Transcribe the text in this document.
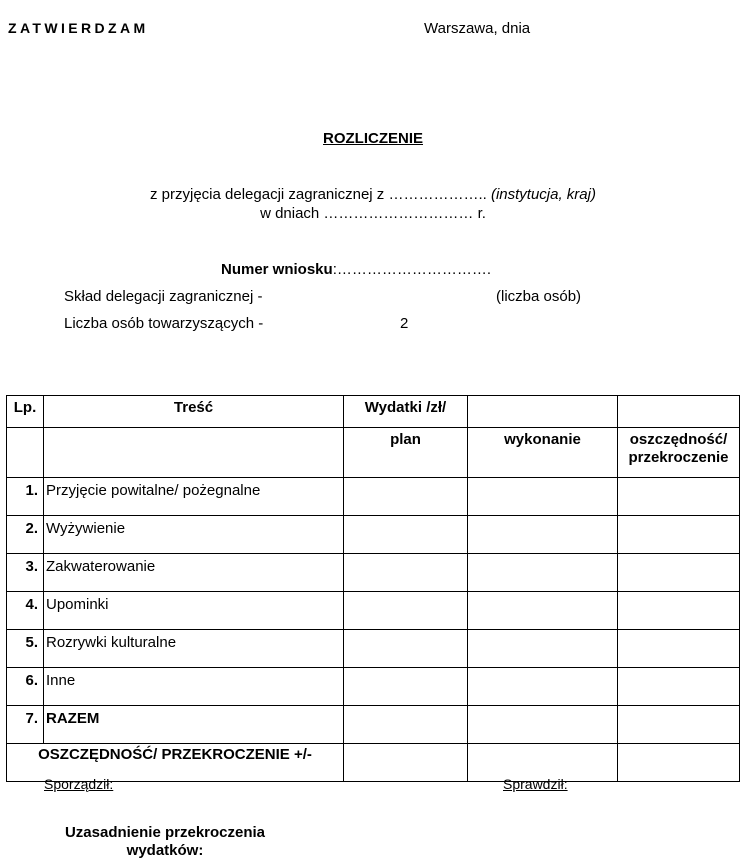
ZATWIERDZAM	Warszawa, dnia
ROZLICZENIE
z przyjęcia delegacji zagranicznej z ……………….. (instytucja, kraj)
w dniach ………………………… r.
Numer wniosku:………………………….
Skład delegacji zagranicznej -	(liczba osób)
Liczba osób towarzyszących -	2
Lp.	Treść	Wydatki /zł/		
		plan	wykonanie	oszczędność/ przekroczenie
1.	Przyjęcie powitalne/ pożegnalne			
2.	Wyżywienie			
3.	Zakwaterowanie			
4.	Upominki			
5.	Rozrywki kulturalne			
6.	Inne			
7.	RAZEM			
OSZCZĘDNOŚĆ/ PRZEKROCZENIE +/-				
Sporządził:	Sprawdził:
Uzasadnienie przekroczenia wydatków:
